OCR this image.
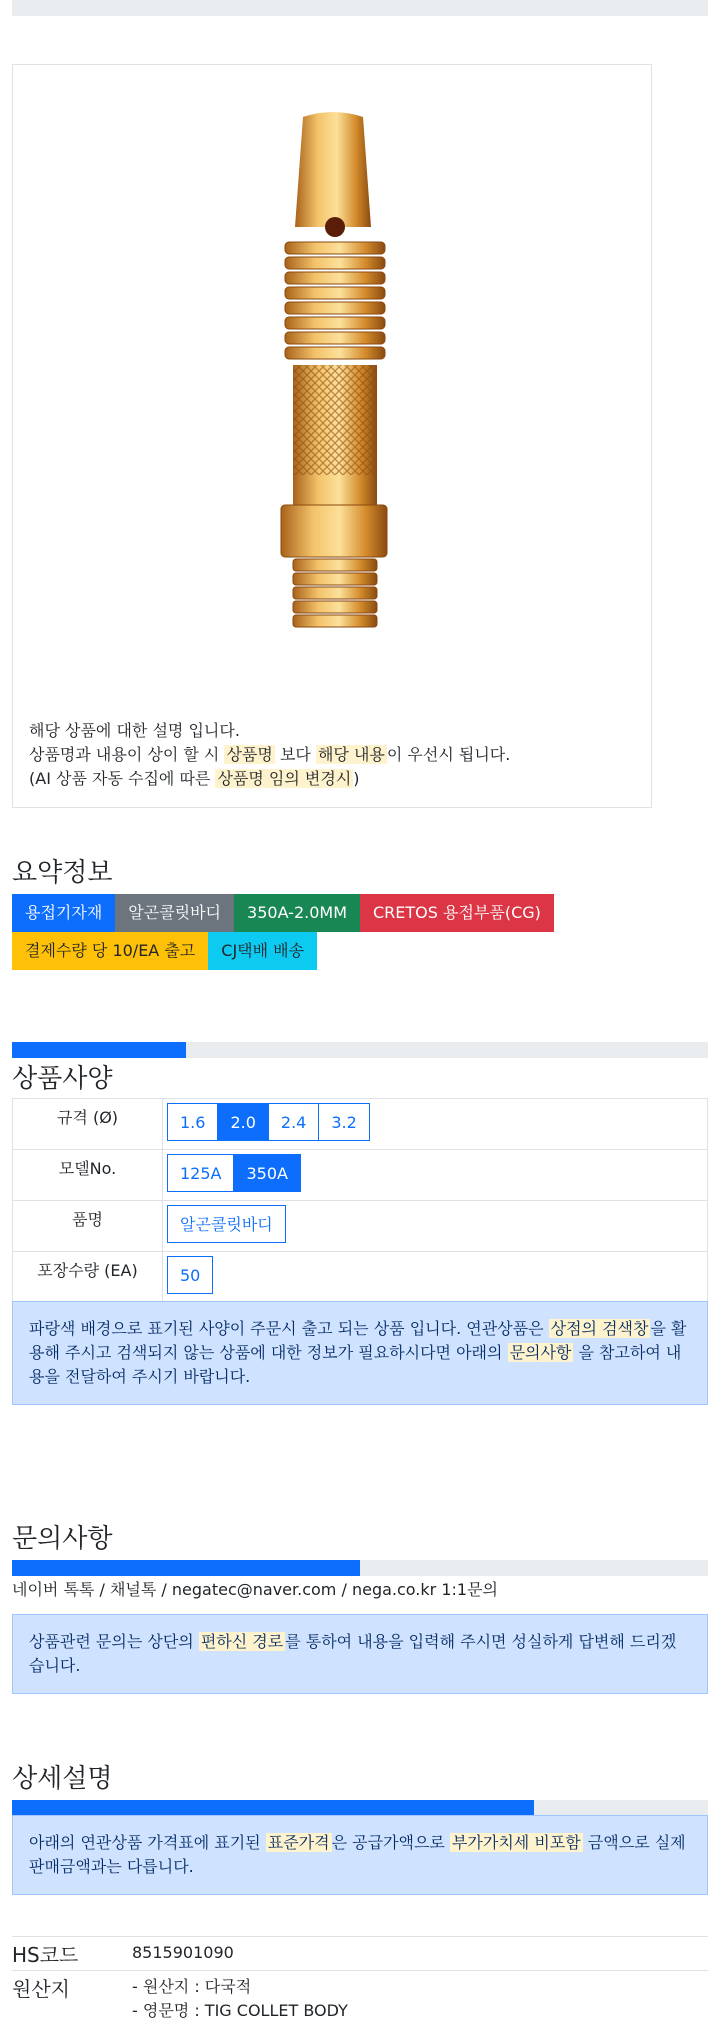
해당 상품에 대한 설명 입니다.
상품명과 내용이 상이 할 시 상품명 보다 해당 내용 이 우선시 됩니다.
(AI 상품 자동 수집에 따른 상품명 임의 변경시 )
요약정보
용접기자재	알곤콜릿바디	350A-2.0MM	CRETOS 용접부품(CG)
결제수량 당 10/EA 출고	CJ택배 배송
상품사양
규격 (Ø)	1.6 2.0 2.4 3.2

모델No.	125A 350A

품명	알곤콜릿바디

포장수량 (EA)	50
파랑색 배경으로 표기된 사양이 주문시 출고 되는 상품 입니다. 연관상품은 상점의 검색창 을 활용해 주시고 검색되지 않는 상품에 대한 정보가 필요하시다면 아래의 문의사항 을 참고하여 내용을 전달하여 주시기 바랍니다.
문의사항
네이버 톡톡 / 채널톡 / negatec@naver.com / nega.co.kr 1:1문의
상품관련 문의는 상단의 편하신 경로 를 통하여 내용을 입력해 주시면 성실하게 답변해 드리겠습니다.
상세설명
아래의 연관상품 가격표에 표기된 표준가격 은 공급가액으로 부가가치세 비포함 금액으로 실제 판매금액과는 다릅니다.
HS코드	8515901090
원산지	- 원산지 : 다국적
- 영문명 : TIG COLLET BODY
